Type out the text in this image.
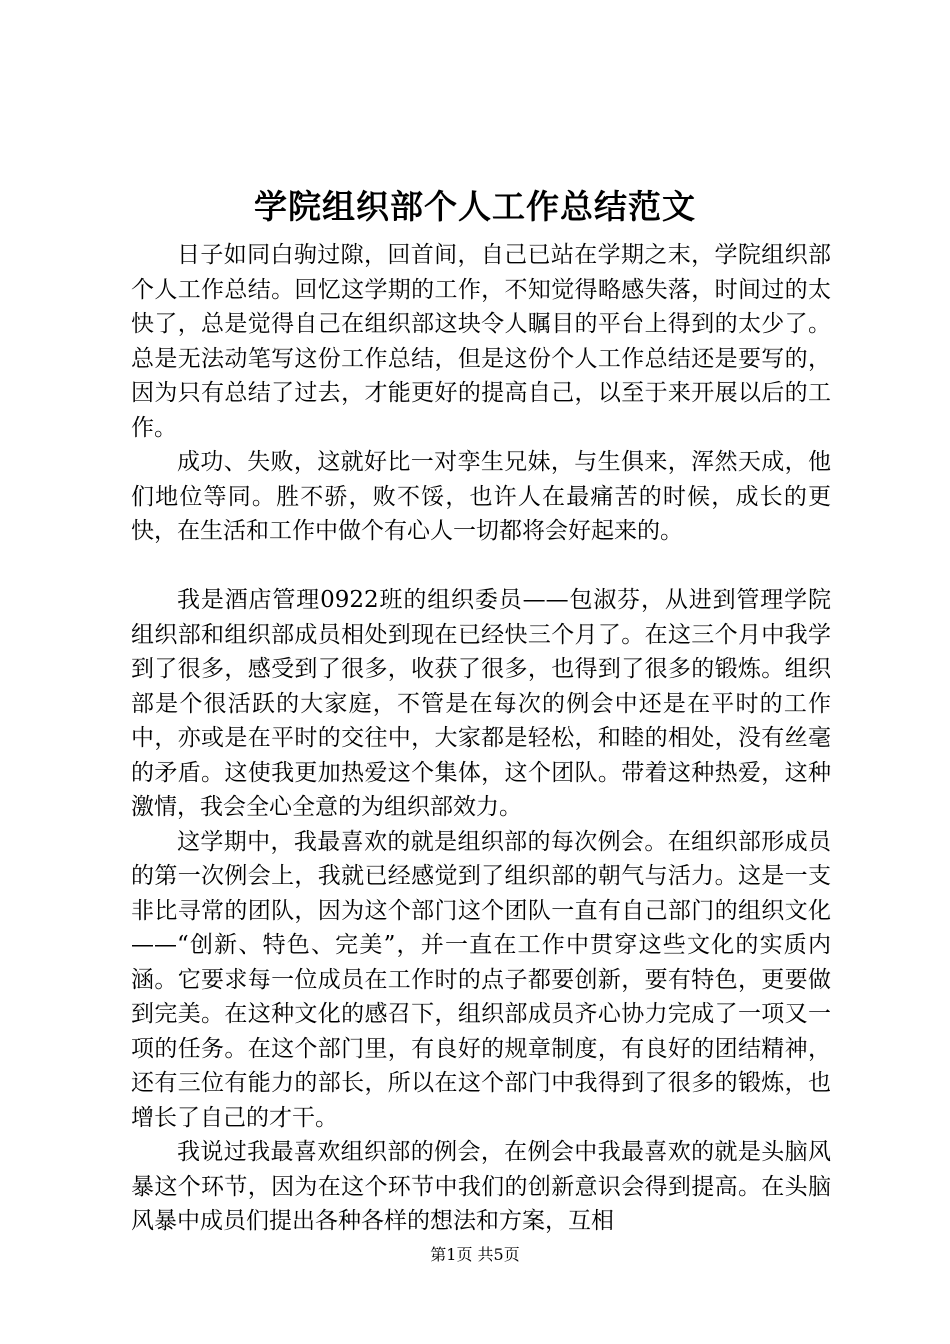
学院组织部个人工作总结范文

日子如同白驹过隙，回首间，自己已站在学期之末，学院组织部个人工作总结。回忆这学期的工作，不知觉得略感失落，时间过的太快了，总是觉得自己在组织部这块令人瞩目的平台上得到的太少了。总是无法动笔写这份工作总结，但是这份个人工作总结还是要写的，因为只有总结了过去，才能更好的提高自己，以至于来开展以后的工作。

成功、失败，这就好比一对孪生兄妹，与生俱来，浑然天成，他们地位等同。胜不骄，败不馁，也许人在最痛苦的时候，成长的更快，在生活和工作中做个有心人一切都将会好起来的。

我是酒店管理0922班的组织委员——包淑芬，从进到管理学院组织部和组织部成员相处到现在已经快三个月了。在这三个月中我学到了很多，感受到了很多，收获了很多，也得到了很多的锻炼。组织部是个很活跃的大家庭，不管是在每次的例会中还是在平时的工作中，亦或是在平时的交往中，大家都是轻松，和睦的相处，没有丝毫的矛盾。这使我更加热爱这个集体，这个团队。带着这种热爱，这种激情，我会全心全意的为组织部效力。

这学期中，我最喜欢的就是组织部的每次例会。在组织部形成员的第一次例会上，我就已经感觉到了组织部的朝气与活力。这是一支非比寻常的团队，因为这个部门这个团队一直有自己部门的组织文化——“创新、特色、完美”，并一直在工作中贯穿这些文化的实质内涵。它要求每一位成员在工作时的点子都要创新，要有特色，更要做到完美。在这种文化的感召下，组织部成员齐心协力完成了一项又一项的任务。在这个部门里，有良好的规章制度，有良好的团结精神，还有三位有能力的部长，所以在这个部门中我得到了很多的锻炼，也增长了自己的才干。

我说过我最喜欢组织部的例会，在例会中我最喜欢的就是头脑风暴这个环节，因为在这个环节中我们的创新意识会得到提高。在头脑风暴中成员们提出各种各样的想法和方案，互相

第1页 共5页
